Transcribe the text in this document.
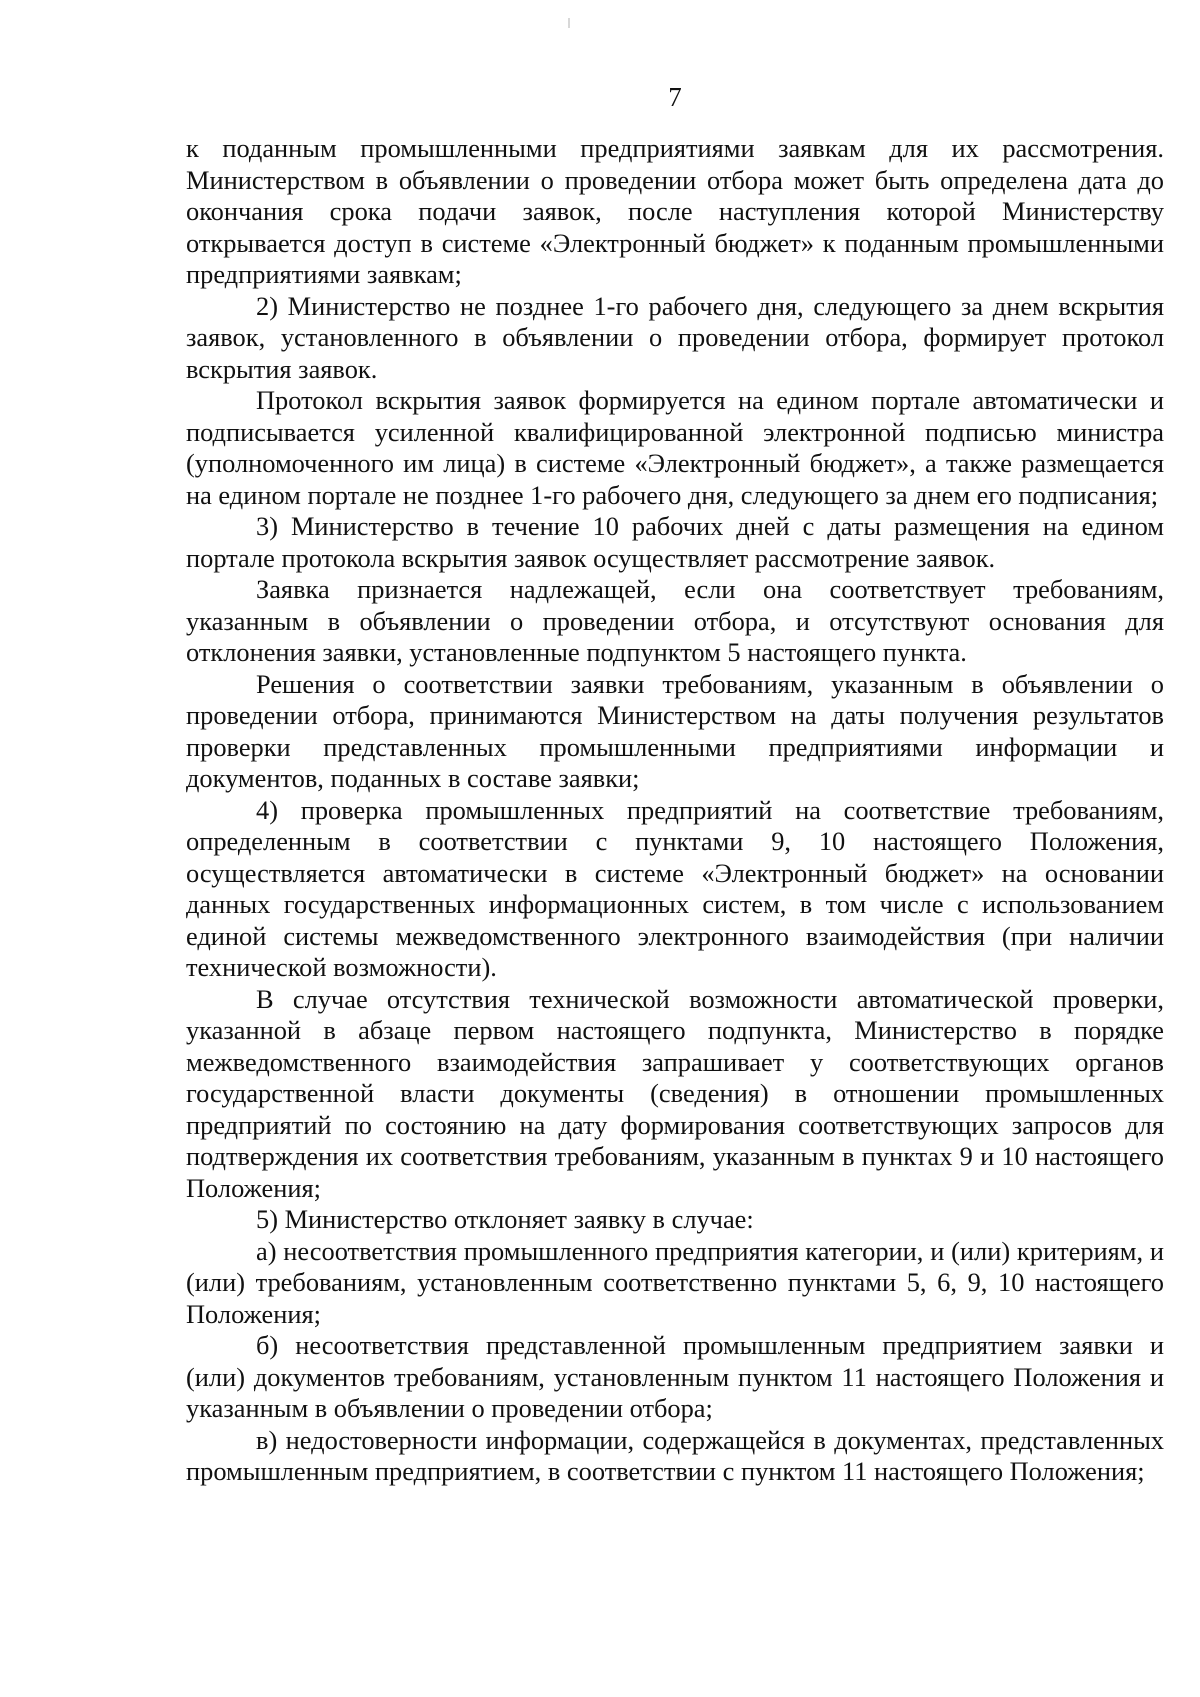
7

к поданным промышленными предприятиями заявкам для их рассмотрения. Министерством в объявлении о проведении отбора может быть определена дата до окончания срока подачи заявок, после наступления которой Министерству открывается доступ в системе «Электронный бюджет» к поданным промышленными предприятиями заявкам;

2) Министерство не позднее 1-го рабочего дня, следующего за днем вскрытия заявок, установленного в объявлении о проведении отбора, формирует протокол вскрытия заявок.

Протокол вскрытия заявок формируется на едином портале автоматически и подписывается усиленной квалифицированной электронной подписью министра (уполномоченного им лица) в системе «Электронный бюджет», а также размещается на едином портале не позднее 1-го рабочего дня, следующего за днем его подписания;

3) Министерство в течение 10 рабочих дней с даты размещения на едином портале протокола вскрытия заявок осуществляет рассмотрение заявок.

Заявка признается надлежащей, если она соответствует требованиям, указанным в объявлении о проведении отбора, и отсутствуют основания для отклонения заявки, установленные подпунктом 5 настоящего пункта.

Решения о соответствии заявки требованиям, указанным в объявлении о проведении отбора, принимаются Министерством на даты получения результатов проверки представленных промышленными предприятиями информации и документов, поданных в составе заявки;

4) проверка промышленных предприятий на соответствие требованиям, определенным в соответствии с пунктами 9, 10 настоящего Положения, осуществляется автоматически в системе «Электронный бюджет» на основании данных государственных информационных систем, в том числе с использованием единой системы межведомственного электронного взаимодействия (при наличии технической возможности).

В случае отсутствия технической возможности автоматической проверки, указанной в абзаце первом настоящего подпункта, Министерство в порядке межведомственного взаимодействия запрашивает у соответствующих органов государственной власти документы (сведения) в отношении промышленных предприятий по состоянию на дату формирования соответствующих запросов для подтверждения их соответствия требованиям, указанным в пунктах 9 и 10 настоящего Положения;

5) Министерство отклоняет заявку в случае:

а) несоответствия промышленного предприятия категории, и (или) критериям, и (или) требованиям, установленным соответственно пунктами 5, 6, 9, 10 настоящего Положения;

б) несоответствия представленной промышленным предприятием заявки и (или) документов требованиям, установленным пунктом 11 настоящего Положения и указанным в объявлении о проведении отбора;

в) недостоверности информации, содержащейся в документах, представленных промышленным предприятием, в соответствии с пунктом 11 настоящего Положения;
